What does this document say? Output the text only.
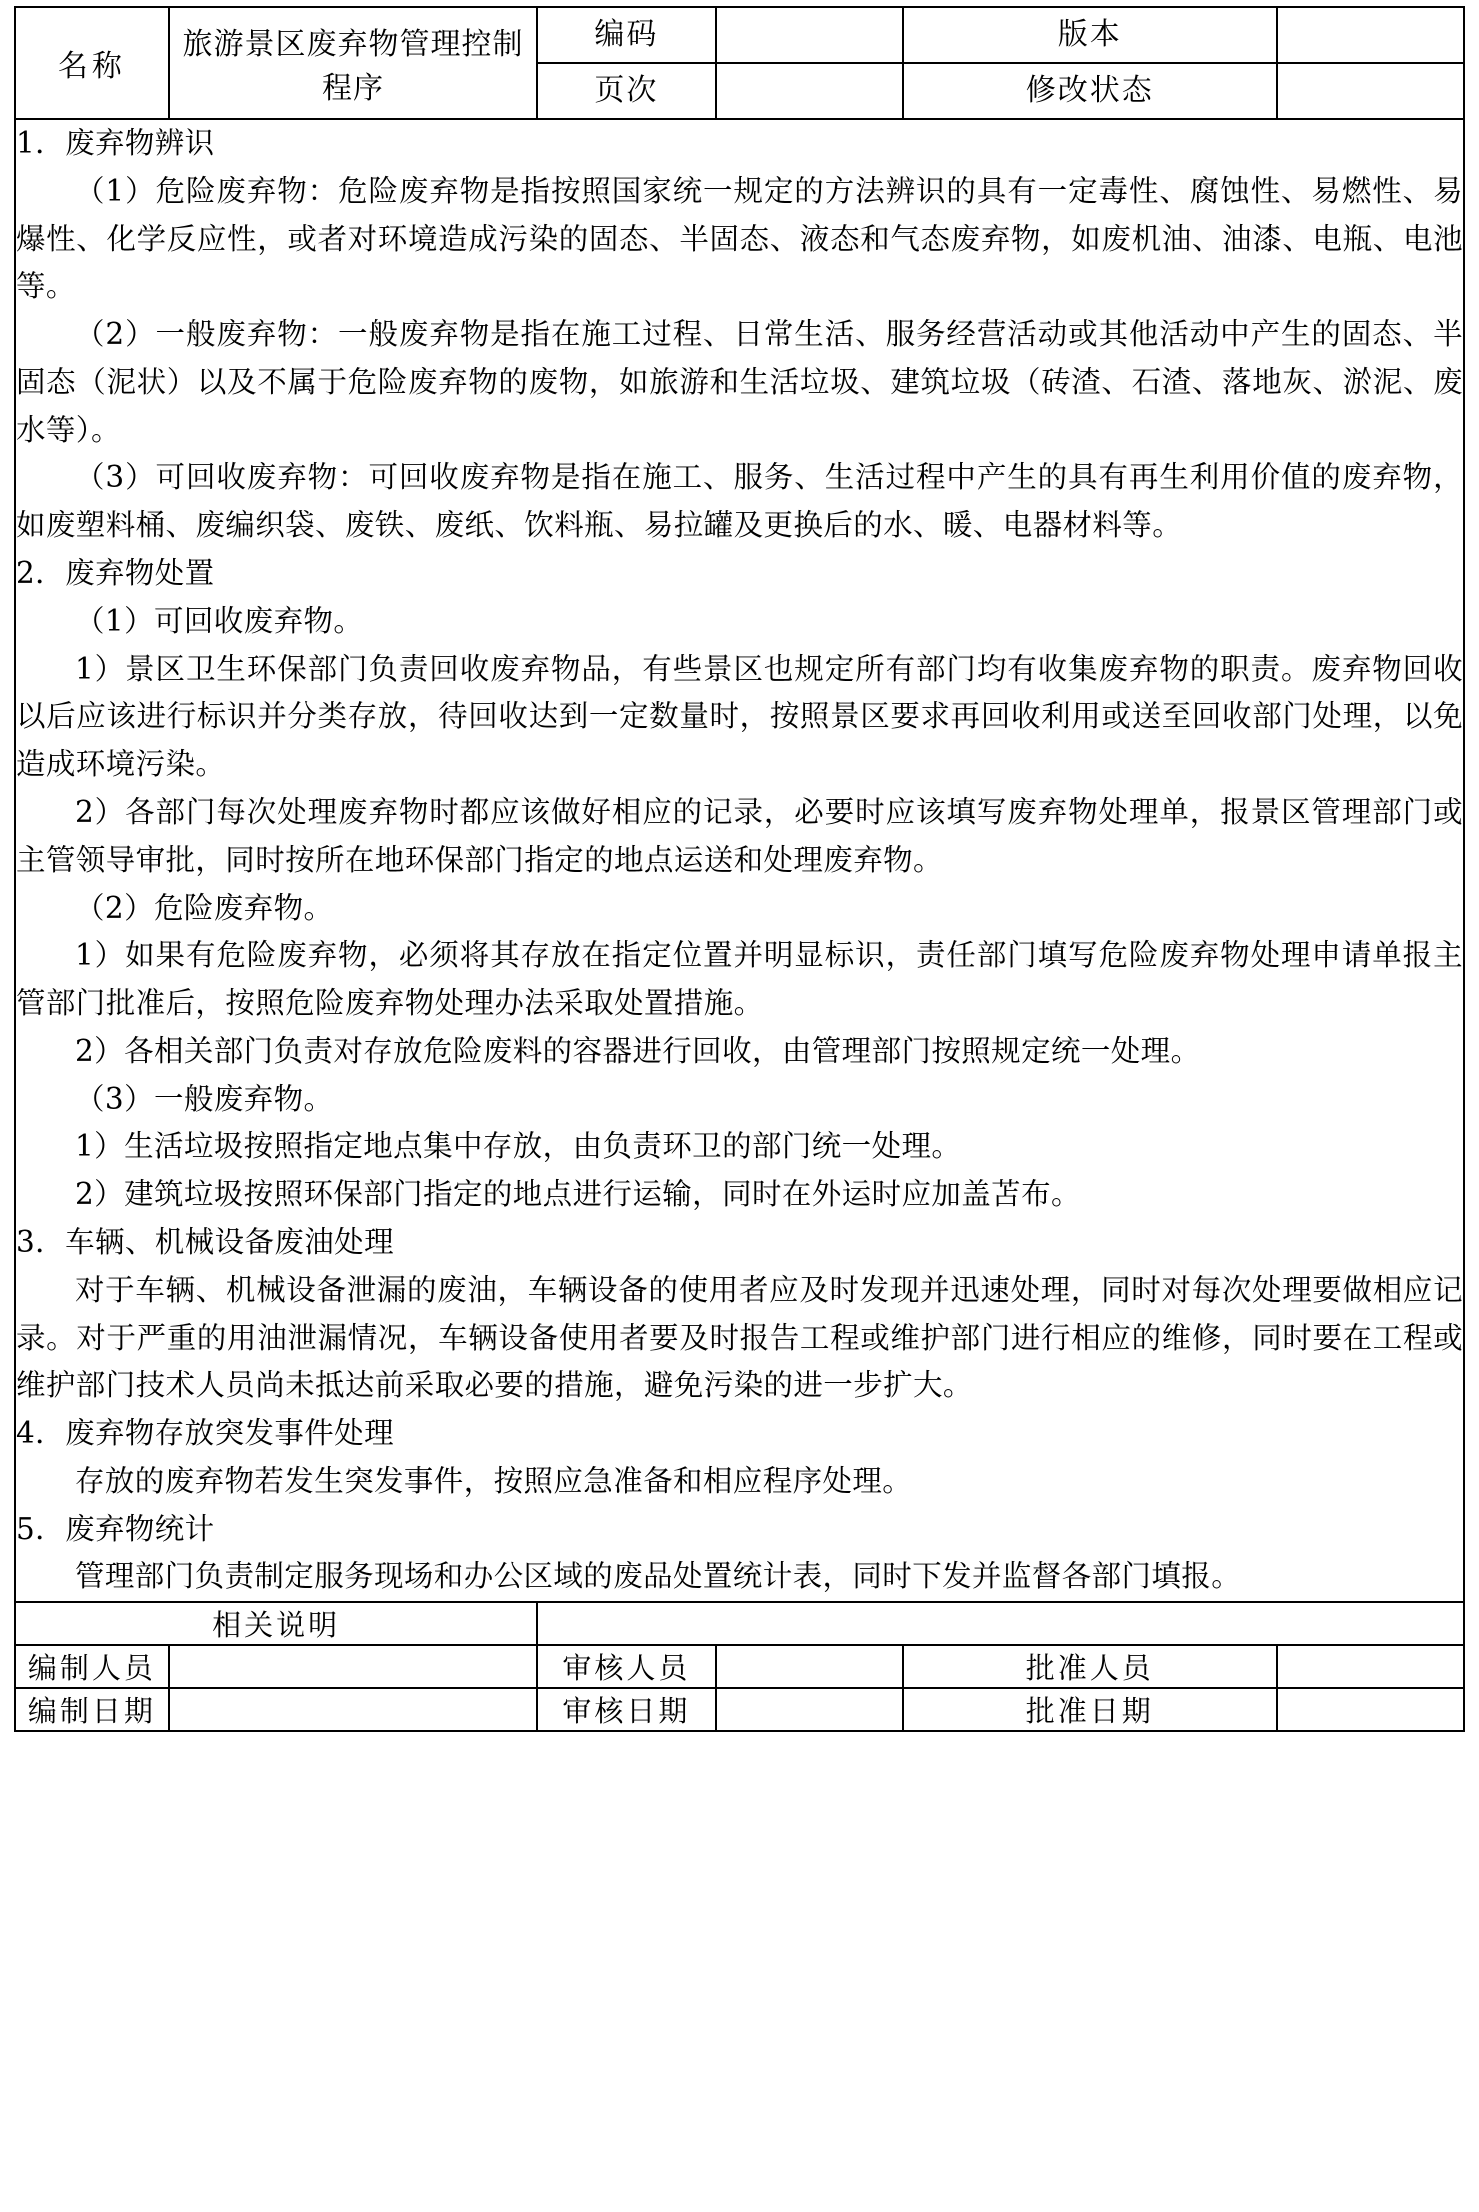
名称	旅游景区废弃物管理控制程序	编码		版本	
		页次		修改状态	

1．废弃物辨识
（1）危险废弃物：危险废弃物是指按照国家统一规定的方法辨识的具有一定毒性、腐蚀性、易燃性、易爆性、化学反应性，或者对环境造成污染的固态、半固态、液态和气态废弃物，如废机油、油漆、电瓶、电池等。
（2）一般废弃物：一般废弃物是指在施工过程、日常生活、服务经营活动或其他活动中产生的固态、半固态（泥状）以及不属于危险废弃物的废物，如旅游和生活垃圾、建筑垃圾（砖渣、石渣、落地灰、淤泥、废水等）。
（3）可回收废弃物：可回收废弃物是指在施工、服务、生活过程中产生的具有再生利用价值的废弃物，如废塑料桶、废编织袋、废铁、废纸、饮料瓶、易拉罐及更换后的水、暖、电器材料等。
2．废弃物处置
（1）可回收废弃物。
1）景区卫生环保部门负责回收废弃物品，有些景区也规定所有部门均有收集废弃物的职责。废弃物回收以后应该进行标识并分类存放，待回收达到一定数量时，按照景区要求再回收利用或送至回收部门处理，以免造成环境污染。
2）各部门每次处理废弃物时都应该做好相应的记录，必要时应该填写废弃物处理单，报景区管理部门或主管领导审批，同时按所在地环保部门指定的地点运送和处理废弃物。
（2）危险废弃物。
1）如果有危险废弃物，必须将其存放在指定位置并明显标识，责任部门填写危险废弃物处理申请单报主管部门批准后，按照危险废弃物处理办法采取处置措施。
2）各相关部门负责对存放危险废料的容器进行回收，由管理部门按照规定统一处理。
（3）一般废弃物。
1）生活垃圾按照指定地点集中存放，由负责环卫的部门统一处理。
2）建筑垃圾按照环保部门指定的地点进行运输，同时在外运时应加盖苫布。
3．车辆、机械设备废油处理
对于车辆、机械设备泄漏的废油，车辆设备的使用者应及时发现并迅速处理，同时对每次处理要做相应记录。对于严重的用油泄漏情况，车辆设备使用者要及时报告工程或维护部门进行相应的维修，同时要在工程或维护部门技术人员尚未抵达前采取必要的措施，避免污染的进一步扩大。
4．废弃物存放突发事件处理
存放的废弃物若发生突发事件，按照应急准备和相应程序处理。
5．废弃物统计
管理部门负责制定服务现场和办公区域的废品处置统计表，同时下发并监督各部门填报。

相关说明					
编制人员		审核人员		批准人员	
编制日期		审核日期		批准日期	
